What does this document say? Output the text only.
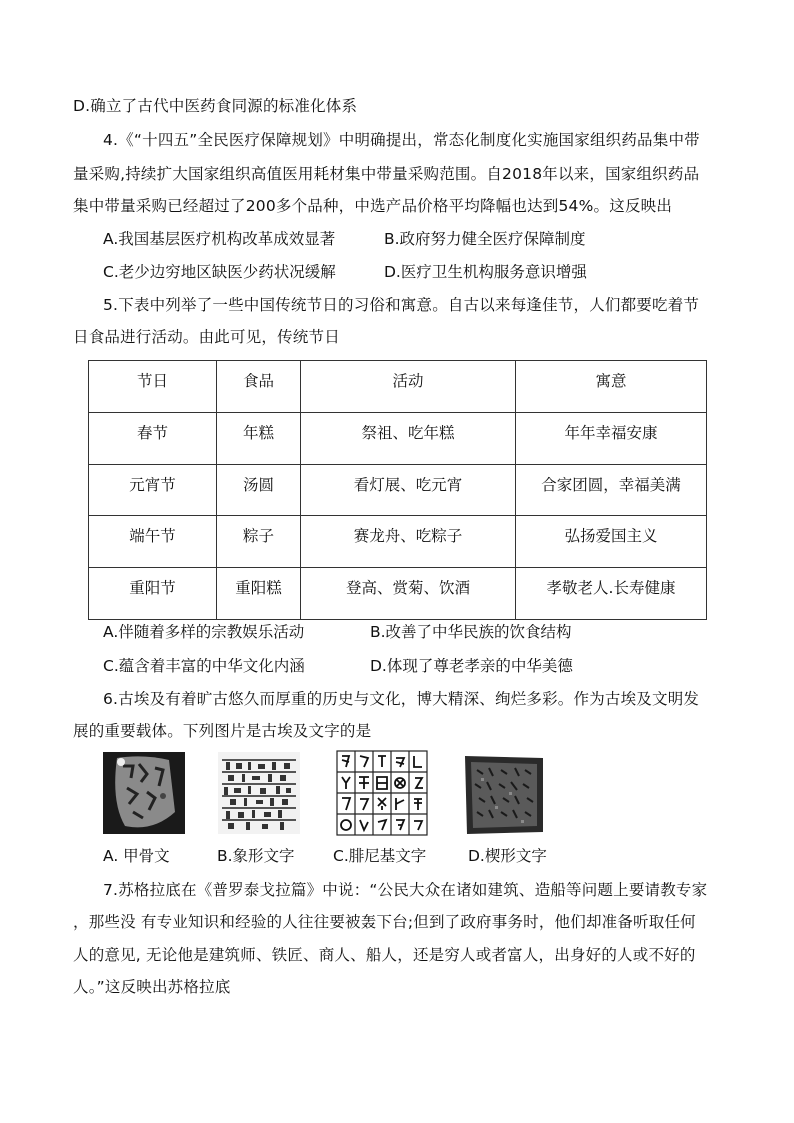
D.确立了古代中医药食同源的标准化体系
4.《“十四五”全民医疗保障规划》中明确提出，常态化制度化实施国家组织药品集中带
量采购,持续扩大国家组织高值医用耗材集中带量采购范围。自2018年以来，国家组织药品
集中带量采购已经超过了200多个品种，中选产品价格平均降幅也达到54%。这反映出
A.我国基层医疗机构改革成效显著	B.政府努力健全医疗保障制度
C.老少边穷地区缺医少药状况缓解	D.医疗卫生机构服务意识增强
5.下表中列举了一些中国传统节日的习俗和寓意。自古以来每逢佳节，人们都要吃着节
日食品进行活动。由此可见，传统节日
节日	食品	活动	寓意
春节	年糕	祭祖、吃年糕	年年幸福安康
元宵节	汤圆	看灯展、吃元宵	合家团圆，幸福美满
端午节	粽子	赛龙舟、吃粽子	弘扬爱国主义
重阳节	重阳糕	登高、赏菊、饮酒	孝敬老人.长寿健康
A.伴随着多样的宗教娱乐活动	B.改善了中华民族的饮食结构
C.蕴含着丰富的中华文化内涵	D.体现了尊老孝亲的中华美德
6.古埃及有着旷古悠久而厚重的历史与文化，博大精深、绚烂多彩。作为古埃及文明发
展的重要载体。下列图片是古埃及文字的是
A. 甲骨文	B.象形文字 C.腓尼基文字	D.楔形文字
7.苏格拉底在《普罗泰戈拉篇》中说：“公民大众在诸如建筑、造船等问题上要请教专家
，那些没 有专业知识和经验的人往往要被轰下台;但到了政府事务时，他们却准备听取任何
人的意见, 无论他是建筑师、铁匠、商人、船人，还是穷人或者富人，出身好的人或不好的
人。”这反映出苏格拉底
